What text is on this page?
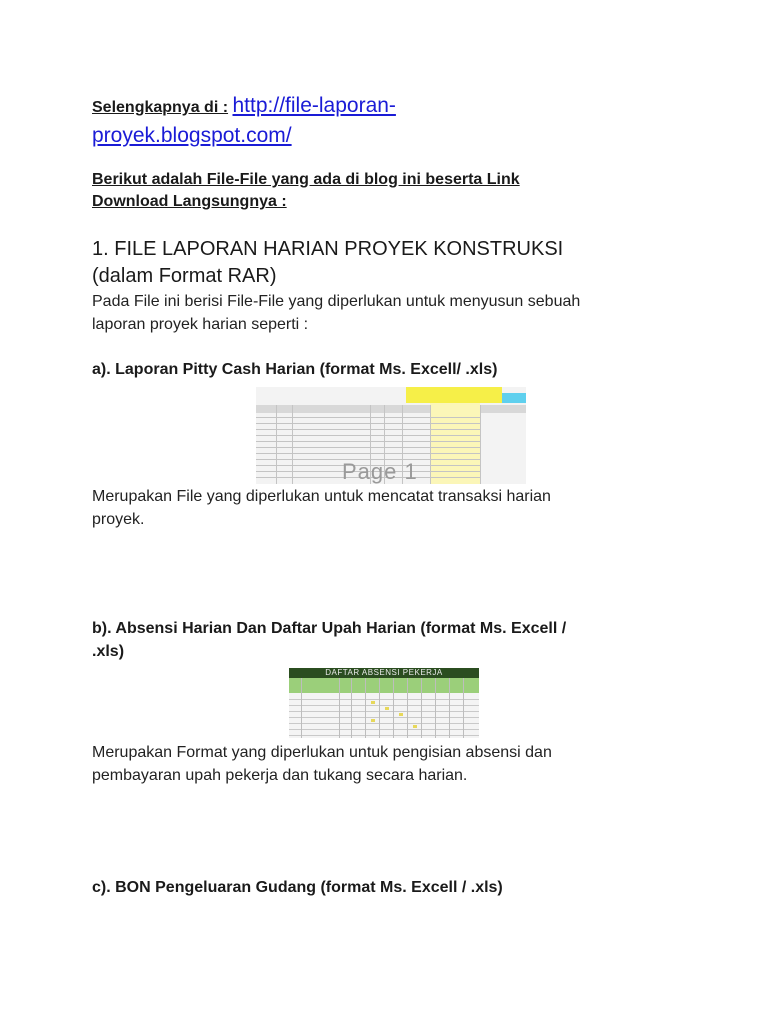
Selengkapnya di : http://file-laporan-
proyek.blogspot.com/
Berikut adalah File-File yang ada di blog ini beserta Link
Download Langsungnya :
1. FILE LAPORAN HARIAN PROYEK KONSTRUKSI
(dalam Format RAR)
Pada File ini berisi File-File yang diperlukan untuk menyusun sebuah
laporan proyek harian seperti :
a). Laporan Pitty Cash Harian (format Ms. Excell/ .xls)
Page 1
Merupakan File yang diperlukan untuk mencatat transaksi harian
proyek.
b). Absensi Harian Dan Daftar Upah Harian (format Ms. Excell /
.xls)
DAFTAR ABSENSI PEKERJA
Merupakan Format yang diperlukan untuk pengisian absensi dan
pembayaran upah pekerja dan tukang secara harian.
c). BON Pengeluaran Gudang (format Ms. Excell / .xls)
